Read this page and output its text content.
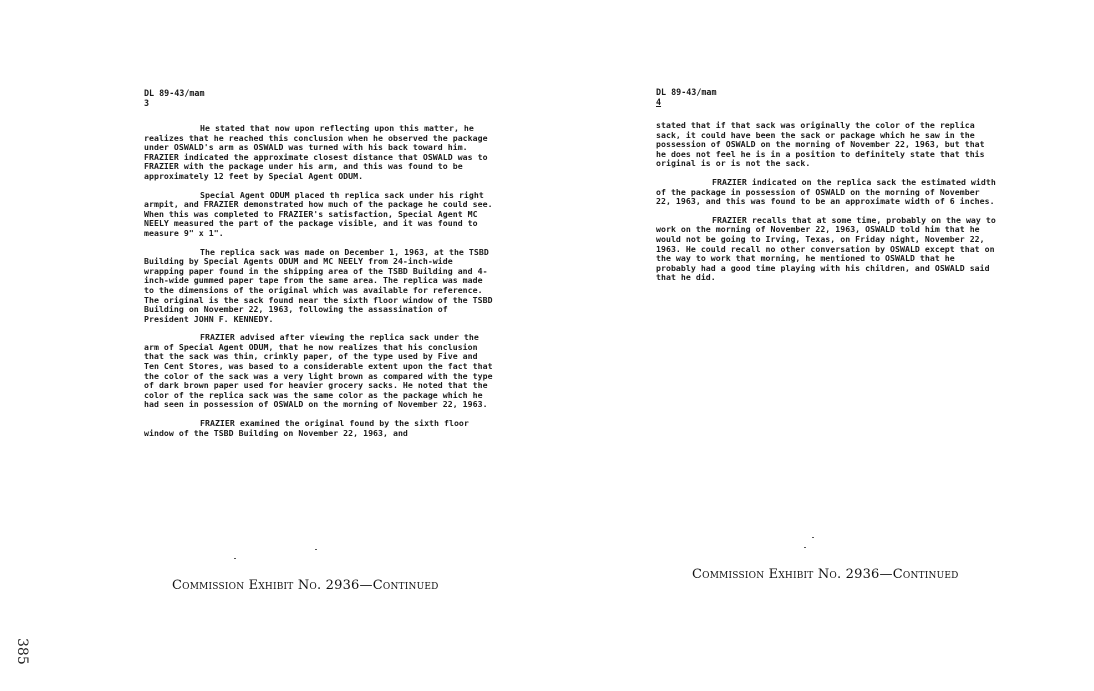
DL 89-43/mam
3

He stated that now upon reflecting upon this matter, he realizes that he reached this conclusion when he observed the package under OSWALD's arm as OSWALD was turned with his back toward him. FRAZIER indicated the approximate closest distance that OSWALD was to FRAZIER with the package under his arm, and this was found to be approximately 12 feet by Special Agent ODUM.

Special Agent ODUM placed th replica sack under his right armpit, and FRAZIER demonstrated how much of the package he could see. When this was completed to FRAZIER's satisfaction, Special Agent MC NEELY measured the part of the package visible, and it was found to measure 9" x 1".

The replica sack was made on December 1, 1963, at the TSBD Building by Special Agents ODUM and MC NEELY from 24-inch-wide wrapping paper found in the shipping area of the TSBD Building and 4-inch-wide gummed paper tape from the same area. The replica was made to the dimensions of the original which was available for reference. The original is the sack found near the sixth floor window of the TSBD Building on November 22, 1963, following the assassination of President JOHN F. KENNEDY.

FRAZIER advised after viewing the replica sack under the arm of Special Agent ODUM, that he now realizes that his conclusion that the sack was thin, crinkly paper, of the type used by Five and Ten Cent Stores, was based to a considerable extent upon the fact that the color of the sack was a very light brown as compared with the type of dark brown paper used for heavier grocery sacks. He noted that the color of the replica sack was the same color as the package which he had seen in possession of OSWALD on the morning of November 22, 1963.

FRAZIER examined the original found by the sixth floor window of the TSBD Building on November 22, 1963, and

Commission Exhibit No. 2936—Continued
385
DL 89-43/mam
4

stated that if that sack was originally the color of the replica sack, it could have been the sack or package which he saw in the possession of OSWALD on the morning of November 22, 1963, but that he does not feel he is in a position to definitely state that this original is or is not the sack.

FRAZIER indicated on the replica sack the estimated width of the package in possession of OSWALD on the morning of November 22, 1963, and this was found to be an approximate width of 6 inches.

FRAZIER recalls that at some time, probably on the way to work on the morning of November 22, 1963, OSWALD told him that he would not be going to Irving, Texas, on Friday night, November 22, 1963. He could recall no other conversation by OSWALD except that on the way to work that morning, he mentioned to OSWALD that he probably had a good time playing with his children, and OSWALD said that he did.

Commission Exhibit No. 2936—Continued
